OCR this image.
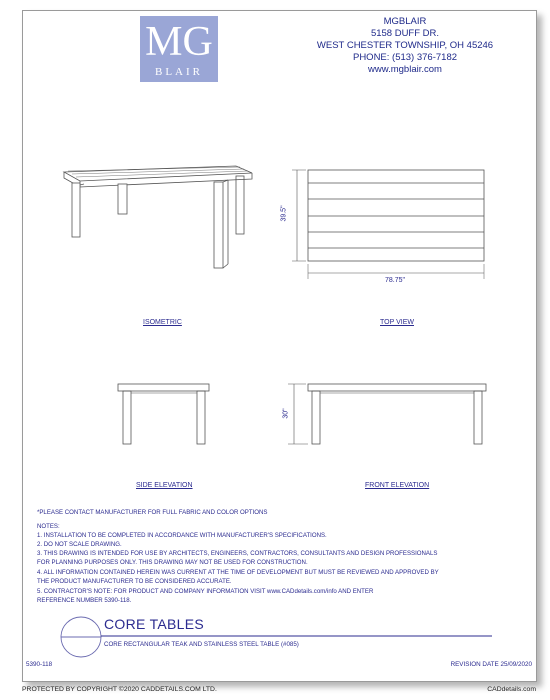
MG
BLAIR
MGBLAIR
5158 DUFF DR.
WEST CHESTER TOWNSHIP, OH 45246
PHONE: (513) 376-7182
www.mgblair.com
39.5"
78.75"
30"
ISOMETRIC	TOP VIEW
SIDE ELEVATION	FRONT ELEVATION
*PLEASE CONTACT MANUFACTURER FOR FULL FABRIC AND COLOR OPTIONS
NOTES:
1. INSTALLATION TO BE COMPLETED IN ACCORDANCE WITH MANUFACTURER'S SPECIFICATIONS.
2. DO NOT SCALE DRAWING.
3. THIS DRAWING IS INTENDED FOR USE BY ARCHITECTS, ENGINEERS, CONTRACTORS, CONSULTANTS AND DESIGN PROFESSIONALS
FOR PLANNING PURPOSES ONLY. THIS DRAWING MAY NOT BE USED FOR CONSTRUCTION.
4. ALL INFORMATION CONTAINED HEREIN WAS CURRENT AT THE TIME OF DEVELOPMENT BUT MUST BE REVIEWED AND APPROVED BY
THE PRODUCT MANUFACTURER TO BE CONSIDERED ACCURATE.
5. CONTRACTOR'S NOTE: FOR PRODUCT AND COMPANY INFORMATION VISIT www.CADdetails.com/info AND ENTER
REFERENCE NUMBER 5390-118.
CORE TABLES
CORE RECTANGULAR TEAK AND STAINLESS STEEL TABLE (#085)
5390-118	REVISION DATE 25/09/2020
PROTECTED BY COPYRIGHT ©2020 CADDETAILS.COM LTD.	CADdetails.com
